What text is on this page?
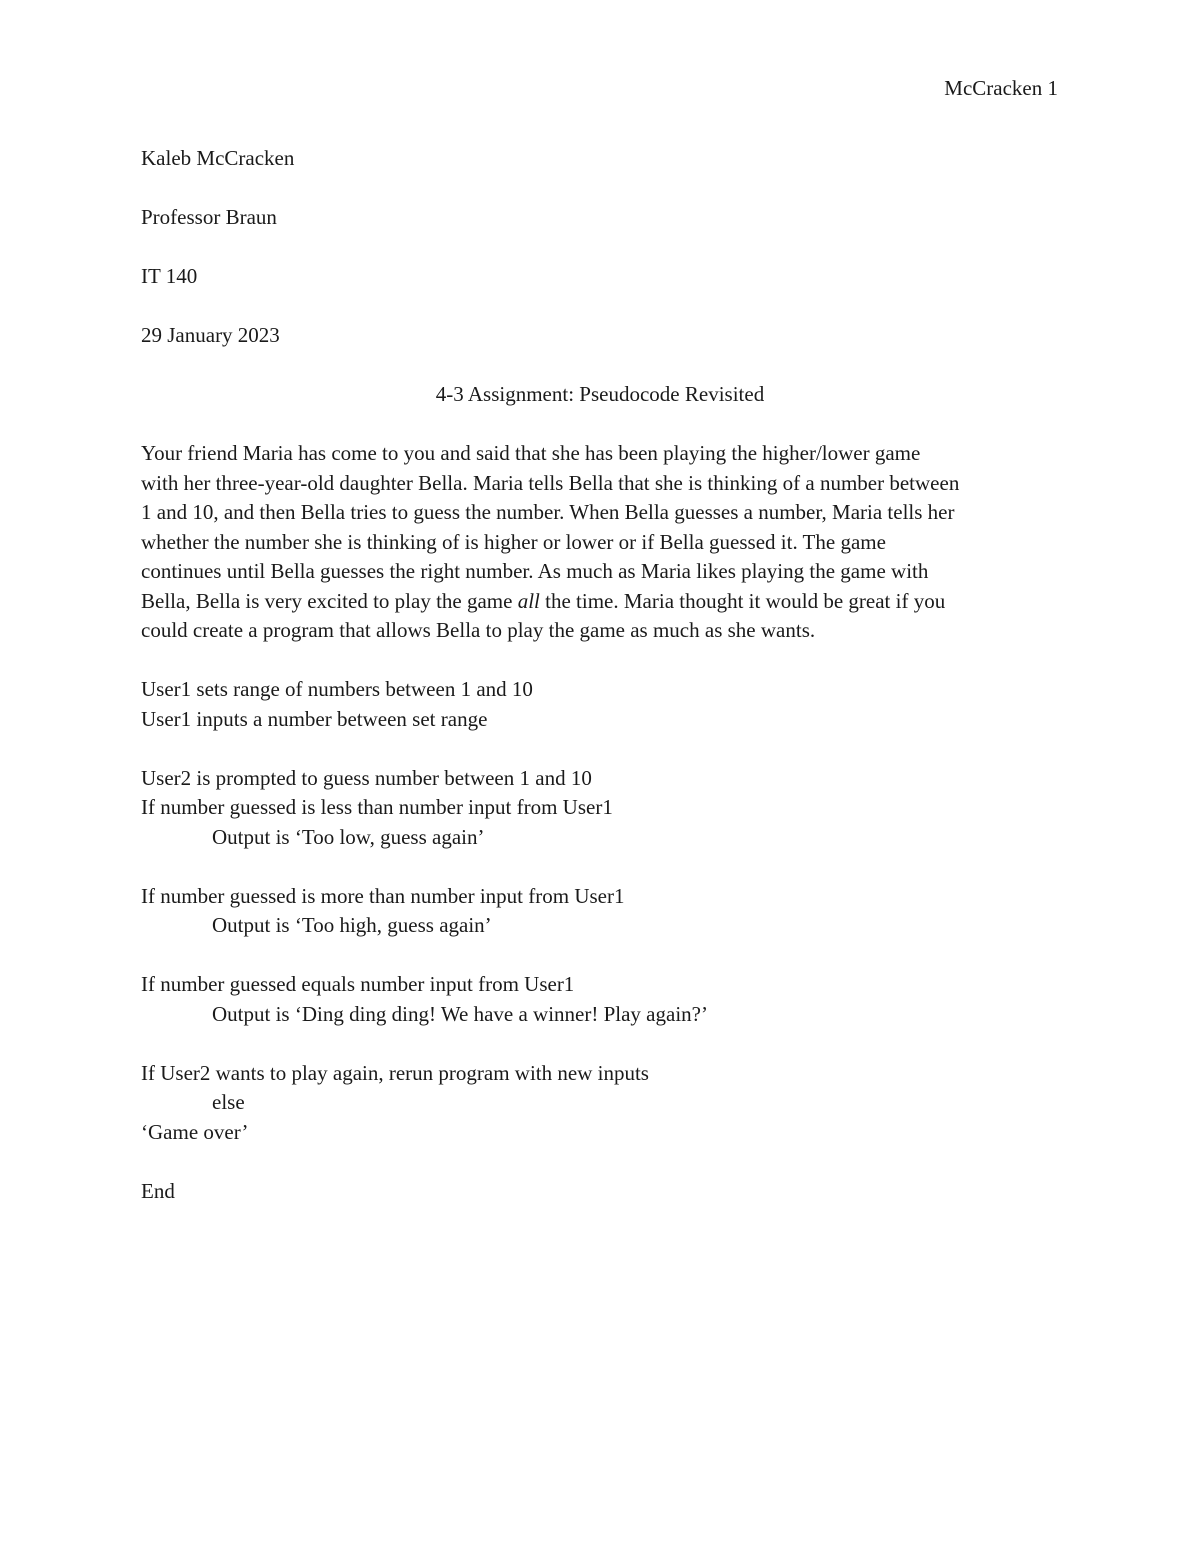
McCracken 1
Kaleb McCracken
Professor Braun
IT 140
29 January 2023
4-3 Assignment: Pseudocode Revisited
Your friend Maria has come to you and said that she has been playing the higher/lower game
with her three-year-old daughter Bella. Maria tells Bella that she is thinking of a number between
1 and 10, and then Bella tries to guess the number. When Bella guesses a number, Maria tells her
whether the number she is thinking of is higher or lower or if Bella guessed it. The game
continues until Bella guesses the right number. As much as Maria likes playing the game with
Bella, Bella is very excited to play the game all the time. Maria thought it would be great if you
could create a program that allows Bella to play the game as much as she wants.
User1 sets range of numbers between 1 and 10
User1 inputs a number between set range
User2 is prompted to guess number between 1 and 10
If number guessed is less than number input from User1
Output is ‘Too low, guess again’
If number guessed is more than number input from User1
Output is ‘Too high, guess again’
If number guessed equals number input from User1
Output is ‘Ding ding ding! We have a winner! Play again?’
If User2 wants to play again, rerun program with new inputs
else
‘Game over’
End
